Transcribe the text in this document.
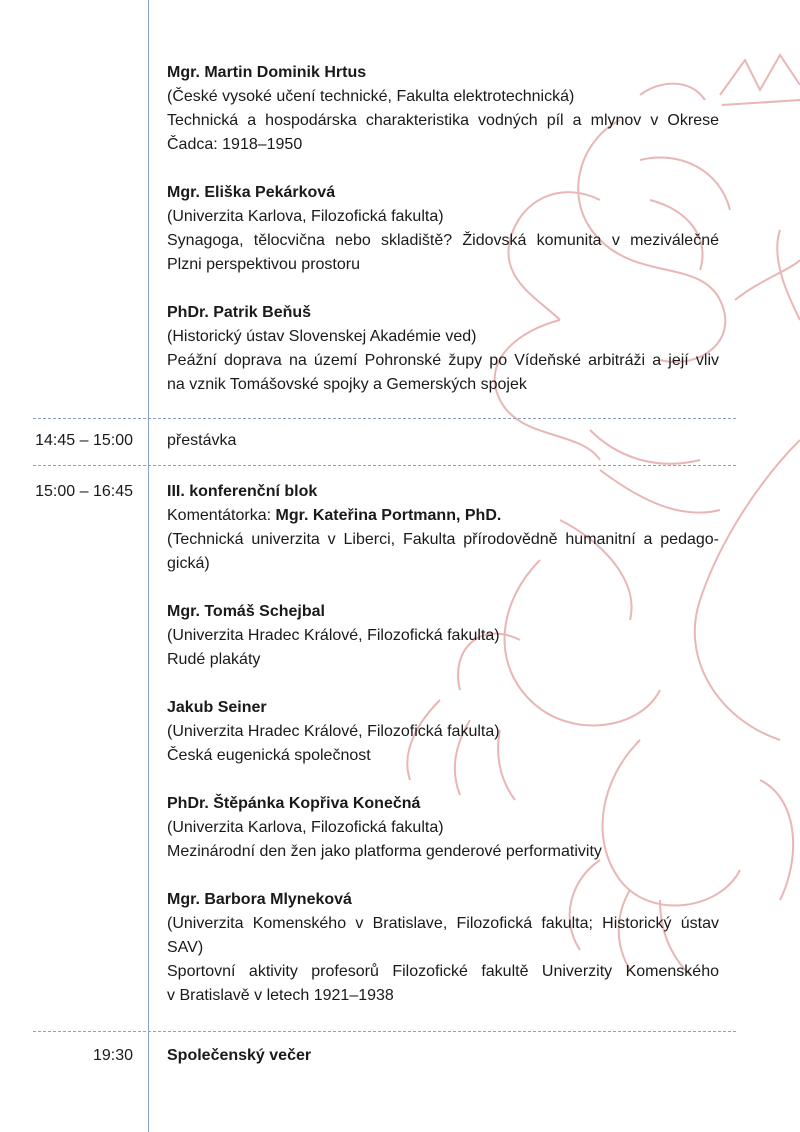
Mgr. Martin Dominik Hrtus

(České vysoké učení technické, Fakulta elektrotechnická)

Technická a hospodárska charakteristika vodných píl a mlynov v Okrese

Čadca: 1918–1950

Mgr. Eliška Pekárková

(Univerzita Karlova, Filozofická fakulta)

Synagoga, tělocvična nebo skladiště? Židovská komunita v meziválečné

Plzni perspektivou prostoru

PhDr. Patrik Beňuš

(Historický ústav Slovenskej Akadémie ved)

Peážní doprava na území Pohronské župy po Vídeňské arbitráži a její vliv

na vznik Tomášovské spojky a Gemerských spojek

14:45 – 15:00 přestávka

15:00 – 16:45 III. konferenční blok

Komentátorka: Mgr. Kateřina Portmann, PhD.

(Technická univerzita v Liberci, Fakulta přírodovědně humanitní a pedago-

gická)

Mgr. Tomáš Schejbal

(Univerzita Hradec Králové, Filozofická fakulta)

Rudé plakáty

Jakub Seiner

(Univerzita Hradec Králové, Filozofická fakulta)

Česká eugenická společnost

PhDr. Štěpánka Kopřiva Konečná

(Univerzita Karlova, Filozofická fakulta)

Mezinárodní den žen jako platforma genderové performativity

Mgr. Barbora Mlyneková

(Univerzita Komenského v Bratislave, Filozofická fakulta; Historický ústav

SAV)

Sportovní aktivity profesorů Filozofické fakultě Univerzity Komenského

v Bratislavě v letech 1921–1938

19:30 Společenský večer
